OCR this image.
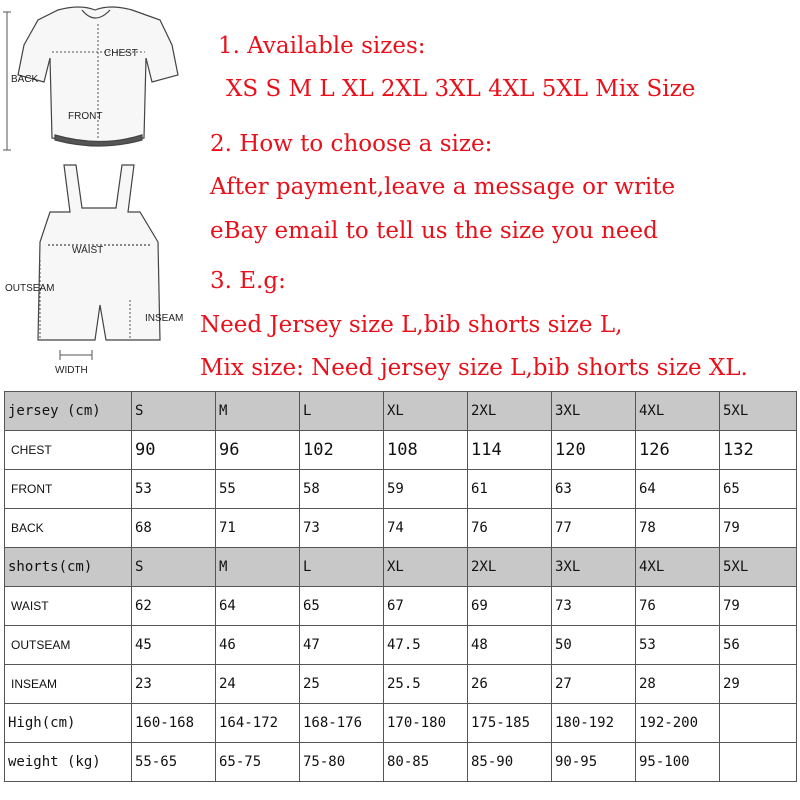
CHEST
BACK
FRONT
WAIST
OUTSEAM
INSEAM
WIDTH
1. Available sizes:
XS S M L XL 2XL 3XL 4XL 5XL Mix Size
2. How to choose a size:
After payment,leave a message or write
eBay email to tell us the size you need
3. E.g:
Need Jersey size L,bib shorts size L,
Mix size: Need jersey size L,bib shorts size XL.
jersey (cm)	S	M	L	XL	2XL	3XL	4XL	5XL
CHEST	90	96	102	108	114	120	126	132
FRONT	53	55	58	59	61	63	64	65
BACK	68	71	73	74	76	77	78	79
shorts(cm)	S	M	L	XL	2XL	3XL	4XL	5XL
WAIST	62	64	65	67	69	73	76	79
OUTSEAM	45	46	47	47.5	48	50	53	56
INSEAM	23	24	25	25.5	26	27	28	29
High(cm)	160-168	164-172	168-176	170-180	175-185	180-192	192-200	
weight (kg)	55-65	65-75	75-80	80-85	85-90	90-95	95-100	
